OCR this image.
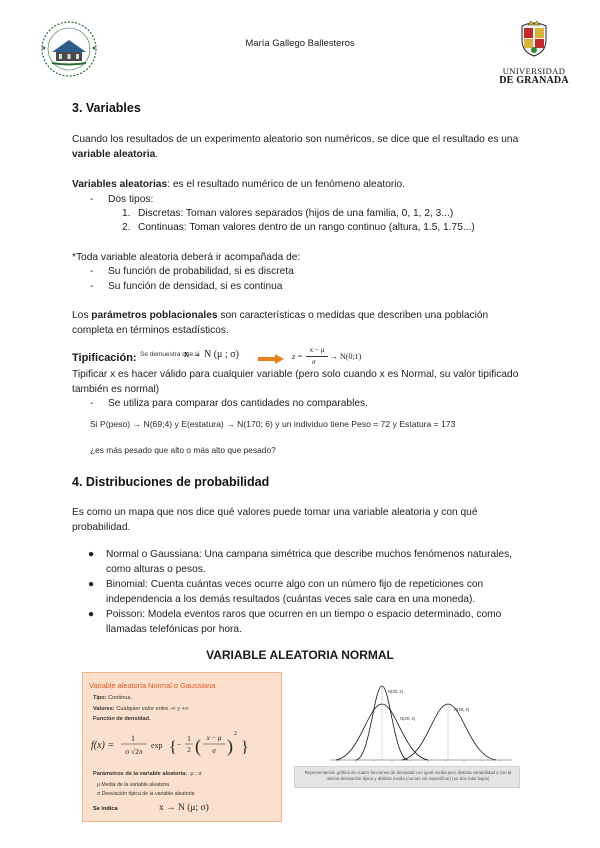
María Gallego Ballesteros
UNIVERSIDAD
DE GRANADA
3. Variables
Cuando los resultados de un experimento aleatorio son numéricos, se dice que el resultado es una variable aleatoria.
Variables aleatorias: es el resultado numérico de un fenómeno aleatorio.
- Dos tipos:
1. Discretas: Toman valores separados (hijos de una familia, 0, 1, 2, 3...)
2. Continuas: Toman valores dentro de un rango continuo (altura, 1.5, 1.75...)
*Toda variable aleatoria deberá ir acompañada de:
- Su función de probabilidad, si es discreta
- Su función de densidad, si es continua
Los parámetros poblacionales son características o medidas que describen una población completa en términos estadísticos.
Tipificación: Se demuestra que si
x → N (μ ; σ)	z =
x − μ
σ
→ N(0;1)
Tipificar x es hacer válido para cualquier variable (pero solo cuando x es Normal, su valor tipificado también es normal)
- Se utiliza para comparar dos cantidades no comparables.
Si P(peso) → N(69;4) y E(estatura) → N(170; 6) y un individuo tiene Peso = 72 y Estatura = 173
¿es más pesado que alto o más alto que pesado?
4. Distribuciones de probabilidad
Es como un mapa que nos dice qué valores puede tomar una variable aleatoria y con qué probabilidad.
● Normal o Gaussiana: Una campana simétrica que describe muchos fenómenos naturales, como alturas o pesos.
● Binomial: Cuenta cuántas veces ocurre algo con un número fijo de repeticiones con independencia a los demás resultados (cuántas veces sale cara en una moneda).
● Poisson: Modela eventos raros que ocurren en un tiempo o espacio determinado, como llamadas telefónicas por hora.
VARIABLE ALEATORIA NORMAL
Variable aleatoria Normal o Gaussiana
Tipo: Continua.
Valores: Cualquier valor entre -∞ y +∞
Función de densidad.
f(x) =
1
σ √2π
exp { −
1
2 ( x − μ
σ )
2
}
Parámetros de la variable aleatoria: μ ; σ
μ Media de la variable aleatoria
σ Desviación típica de la variable aleatoria
Se indica	x → N (μ; σ)
N(30; 2)
N(30; 4)
N(40; 4)
Representación gráfica de cuatro funciones de densidad con igual media pero distinta variabilidad y con la misma desviación típica y distinta media (curvas sin especificar) (un dos más bajas)
